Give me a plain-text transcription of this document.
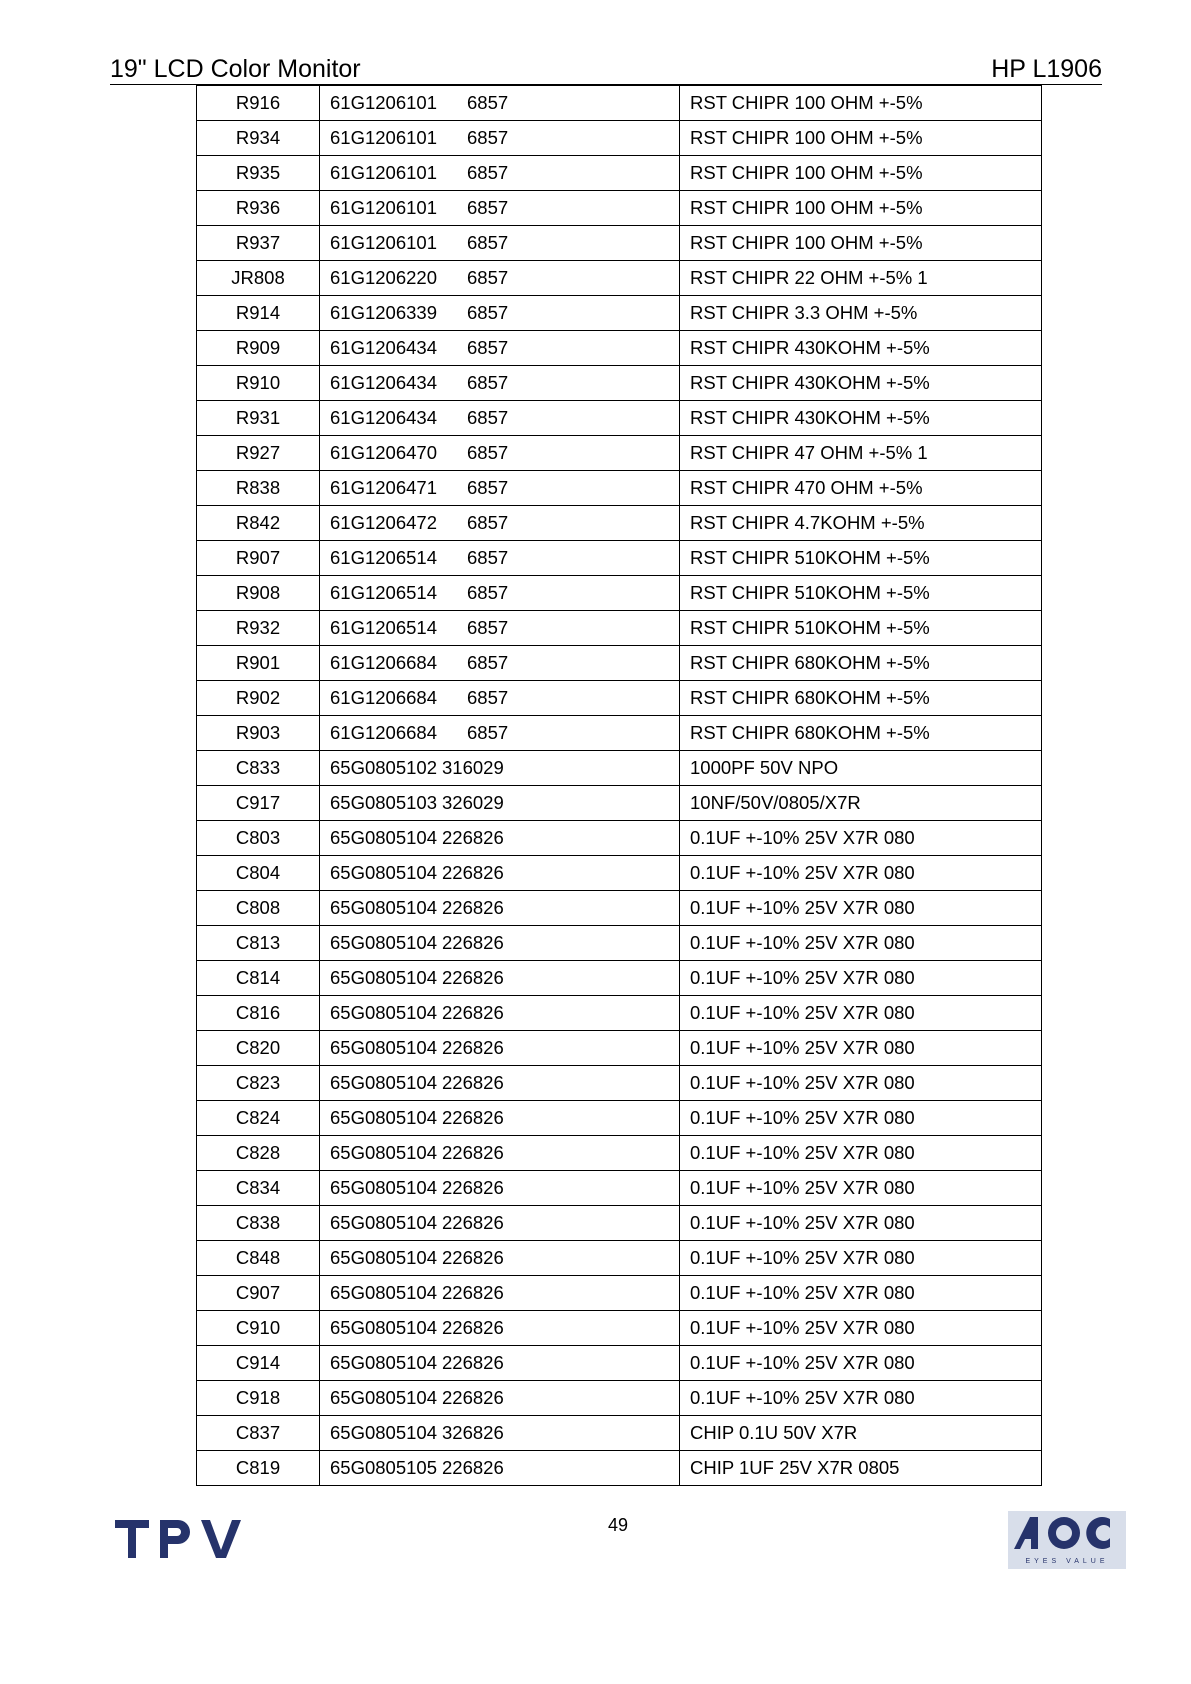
19" LCD Color Monitor	HP L1906
R916	61G1206101 6857	RST CHIPR 100 OHM +-5%
R934	61G1206101 6857	RST CHIPR 100 OHM +-5%
R935	61G1206101 6857	RST CHIPR 100 OHM +-5%
R936	61G1206101 6857	RST CHIPR 100 OHM +-5%
R937	61G1206101 6857	RST CHIPR 100 OHM +-5%
JR808	61G1206220 6857	RST CHIPR 22 OHM +-5% 1
R914	61G1206339 6857	RST CHIPR 3.3 OHM +-5%
R909	61G1206434 6857	RST CHIPR 430KOHM +-5%
R910	61G1206434 6857	RST CHIPR 430KOHM +-5%
R931	61G1206434 6857	RST CHIPR 430KOHM +-5%
R927	61G1206470 6857	RST CHIPR 47 OHM +-5% 1
R838	61G1206471 6857	RST CHIPR 470 OHM +-5%
R842	61G1206472 6857	RST CHIPR 4.7KOHM +-5%
R907	61G1206514 6857	RST CHIPR 510KOHM +-5%
R908	61G1206514 6857	RST CHIPR 510KOHM +-5%
R932	61G1206514 6857	RST CHIPR 510KOHM +-5%
R901	61G1206684 6857	RST CHIPR 680KOHM +-5%
R902	61G1206684 6857	RST CHIPR 680KOHM +-5%
R903	61G1206684 6857	RST CHIPR 680KOHM +-5%
C833	65G0805102 316029	1000PF 50V NPO
C917	65G0805103 326029	10NF/50V/0805/X7R
C803	65G0805104 226826	0.1UF +-10% 25V X7R 080
C804	65G0805104 226826	0.1UF +-10% 25V X7R 080
C808	65G0805104 226826	0.1UF +-10% 25V X7R 080
C813	65G0805104 226826	0.1UF +-10% 25V X7R 080
C814	65G0805104 226826	0.1UF +-10% 25V X7R 080
C816	65G0805104 226826	0.1UF +-10% 25V X7R 080
C820	65G0805104 226826	0.1UF +-10% 25V X7R 080
C823	65G0805104 226826	0.1UF +-10% 25V X7R 080
C824	65G0805104 226826	0.1UF +-10% 25V X7R 080
C828	65G0805104 226826	0.1UF +-10% 25V X7R 080
C834	65G0805104 226826	0.1UF +-10% 25V X7R 080
C838	65G0805104 226826	0.1UF +-10% 25V X7R 080
C848	65G0805104 226826	0.1UF +-10% 25V X7R 080
C907	65G0805104 226826	0.1UF +-10% 25V X7R 080
C910	65G0805104 226826	0.1UF +-10% 25V X7R 080
C914	65G0805104 226826	0.1UF +-10% 25V X7R 080
C918	65G0805104 226826	0.1UF +-10% 25V X7R 080
C837	65G0805104 326826	CHIP 0.1U 50V X7R
C819	65G0805105 226826	CHIP 1UF 25V X7R 0805
EYES VALUE
49
